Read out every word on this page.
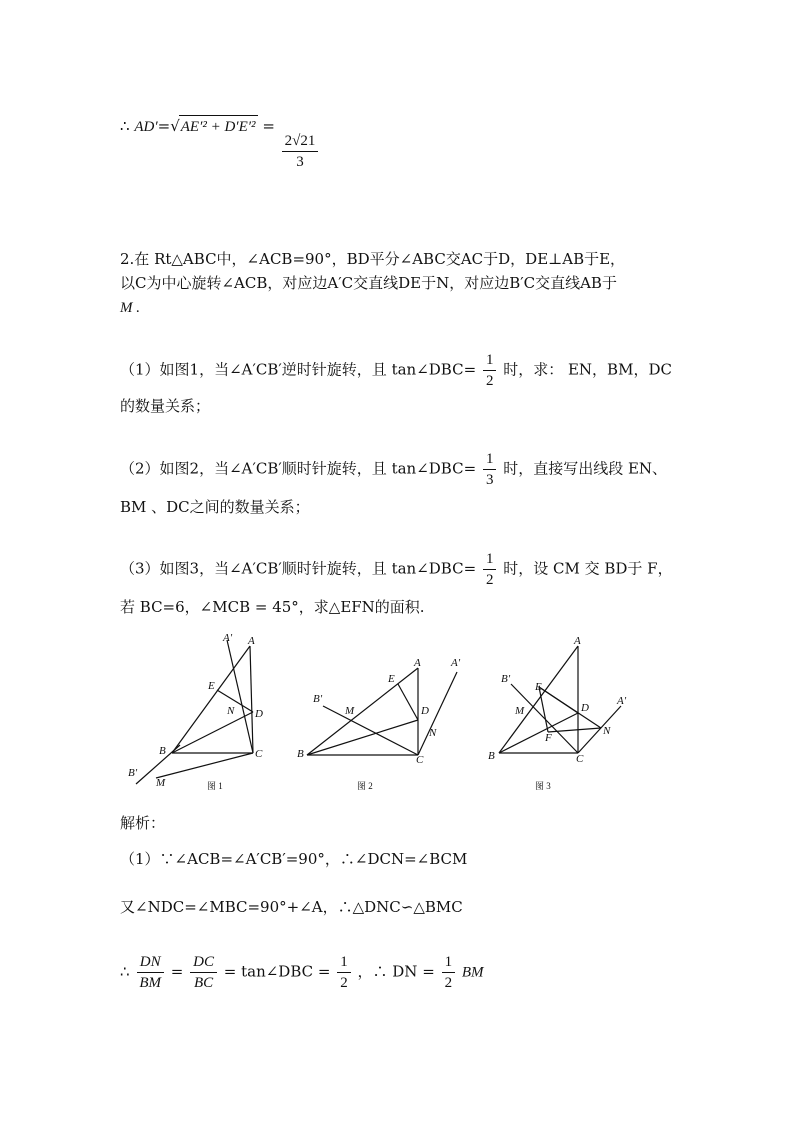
∴ AD′=√AE′² + D′E′² =
$\frac{2√21}{3}$
2.在 Rt△ABC中，∠ACB=90°，BD平分∠ABC交AC于D，DE⊥AB于E，
以C为中心旋转∠ACB，对应边A′C交直线DE于N，对应边B′C交直线AB于
M .
（1）如图1，当∠A′CB′逆时针旋转，且 tan∠DBC= $\frac{1}{2}$ 时，求： EN，BM，DC
的数量关系；
（2）如图2，当∠A′CB′顺时针旋转，且 tan∠DBC= $\frac{1}{3}$ 时，直接写出线段 EN、
BM 、DC之间的数量关系；
（3）如图3，当∠A′CB′顺时针旋转，且 tan∠DBC= $\frac{1}{2}$ 时，设 CM 交 BD于 F，
若 BC=6，∠MCB = 45°，求△EFN的面积.
A′ A
E
N D
B	C
B′
M	图 1
A	A′
E
B′
M	D
N
B	C
图 2
A
B′
E
M	D
A′
F
N
B	C
图 3
解析：
（1）∵∠ACB=∠A′CB′=90°，∴∠DCN=∠BCM
又∠NDC=∠MBC=90°+∠A，∴△DNC∽△BMC
∴ $\frac{DN}{BM} = \frac{DC}{BC}$ = tan∠DBC = $\frac{1}{2}$ ，∴ DN = $\frac{1}{2}$ BM
